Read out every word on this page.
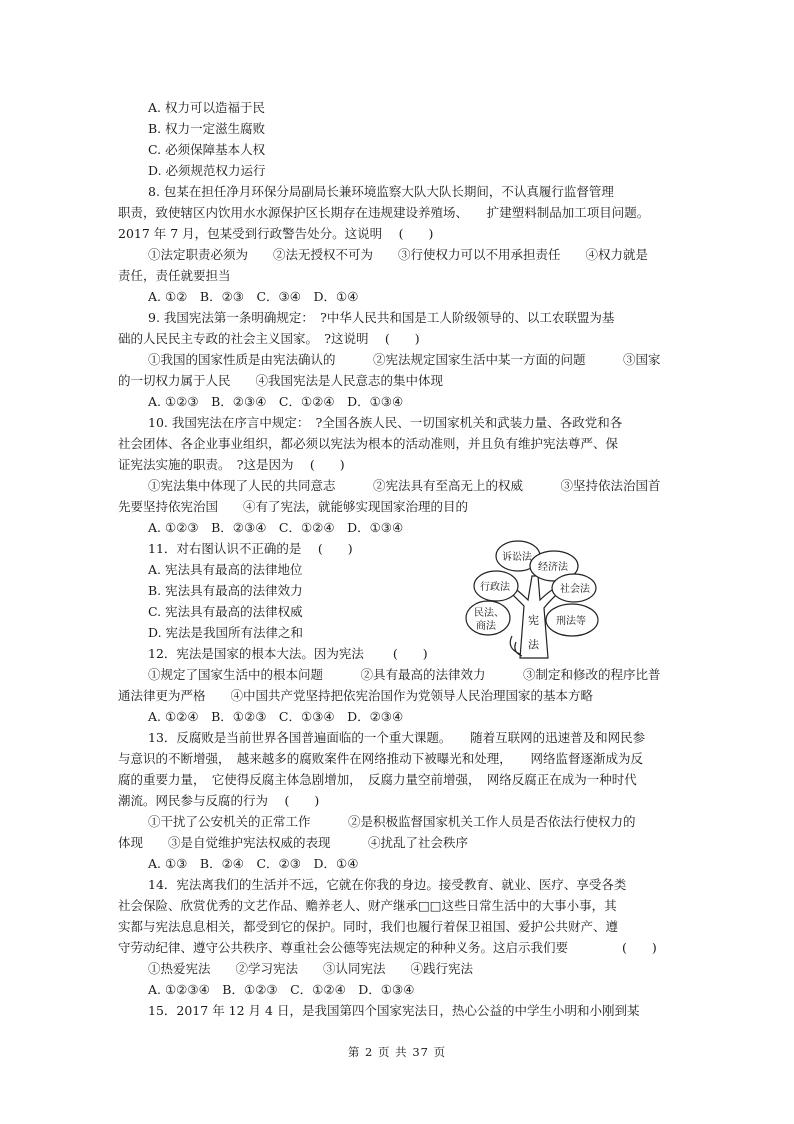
A. 权力可以造福于民
B. 权力一定滋生腐败
C. 必须保障基本人权
D. 必须规范权力运行
8. 包某在担任净月环保分局副局长兼环境监察大队大队长期间，不认真履行监督管理
职责，致使辖区内饮用水水源保护区长期存在违规建设养殖场、　　扩建塑料制品加工项目问题。
2017 年 7 月，包某受到行政警告处分。这说明　 (　　)
①法定职责必须为　　②法无授权不可为　　③行使权力可以不用承担责任　　④权力就是
责任，责任就要担当
A. ①②　B．②③　C．③④　D．①④
9. 我国宪法第一条明确规定：　?中华人民共和国是工人阶级领导的、以工农联盟为基
础的人民民主专政的社会主义国家。　?这说明　 (　　)
①我国的国家性质是由宪法确认的　　　②宪法规定国家生活中某一方面的问题　　　③国家
的一切权力属于人民　　④我国宪法是人民意志的集中体现
A. ①②③　B．②③④　C．①②④　D．①③④
10. 我国宪法在序言中规定：　?全国各族人民、一切国家机关和武装力量、各政党和各
社会团体、各企业事业组织，都必须以宪法为根本的活动准则，并且负有维护宪法尊严、保
证宪法实施的职责。　?这是因为　 (　　)
①宪法集中体现了人民的共同意志　　　②宪法具有至高无上的权威　　　③坚持依法治国首
先要坚持依宪治国　　④有了宪法，就能够实现国家治理的目的
A. ①②③　B．②③④　C．①②④　D．①③④
11．对右图认识不正确的是　 (　　)
A. 宪法具有最高的法律地位
B. 宪法具有最高的法律效力
C. 宪法具有最高的法律权威
D. 宪法是我国所有法律之和
12．宪法是国家的根本大法。因为宪法　　 (　　)
①规定了国家生活中的根本问题　　　②具有最高的法律效力　　　③制定和修改的程序比普
通法律更为严格　　④中国共产党坚持把依宪治国作为党领导人民治理国家的基本方略
A. ①②④　B．①②③　C．①③④　D．②③④
13．反腐败是当前世界各国普遍面临的一个重大课题。　　随着互联网的迅速普及和网民参
与意识的不断增强，　越来越多的腐败案件在网络推动下被曝光和处理，　　网络监督逐渐成为反
腐的重要力量，　它使得反腐主体急剧增加，　反腐力量空前增强，　网络反腐正在成为一种时代
潮流。网民参与反腐的行为　 (　　)
①干扰了公安机关的正常工作　　　②是积极监督国家机关工作人员是否依法行使权力的
体现　　③是自觉维护宪法权威的表现　　　④扰乱了社会秩序
A. ①③　B．②④　C．②③　D．①④
14．宪法离我们的生活并不远，它就在你我的身边。接受教育、就业、医疗、享受各类
社会保险、欣赏优秀的文艺作品、赡养老人、财产继承□□这些日常生活中的大事小事，其
实都与宪法息息相关，都受到它的保护。同时，我们也履行着保卫祖国、爱护公共财产、遵
守劳动纪律、遵守公共秩序、尊重社会公德等宪法规定的种种义务。这启示我们要　　　　 (　　)
①热爱宪法　　②学习宪法　　③认同宪法　　④践行宪法
A. ①②③④　B．①②③　C．①②④　D．①③④
15．2017 年 12 月 4 日，是我国第四个国家宪法日，热心公益的中学生小明和小刚到某
诉讼法
经济法
行政法	社会法
民法、
商法	刑法等
宪
法
第 2 页 共 37 页
